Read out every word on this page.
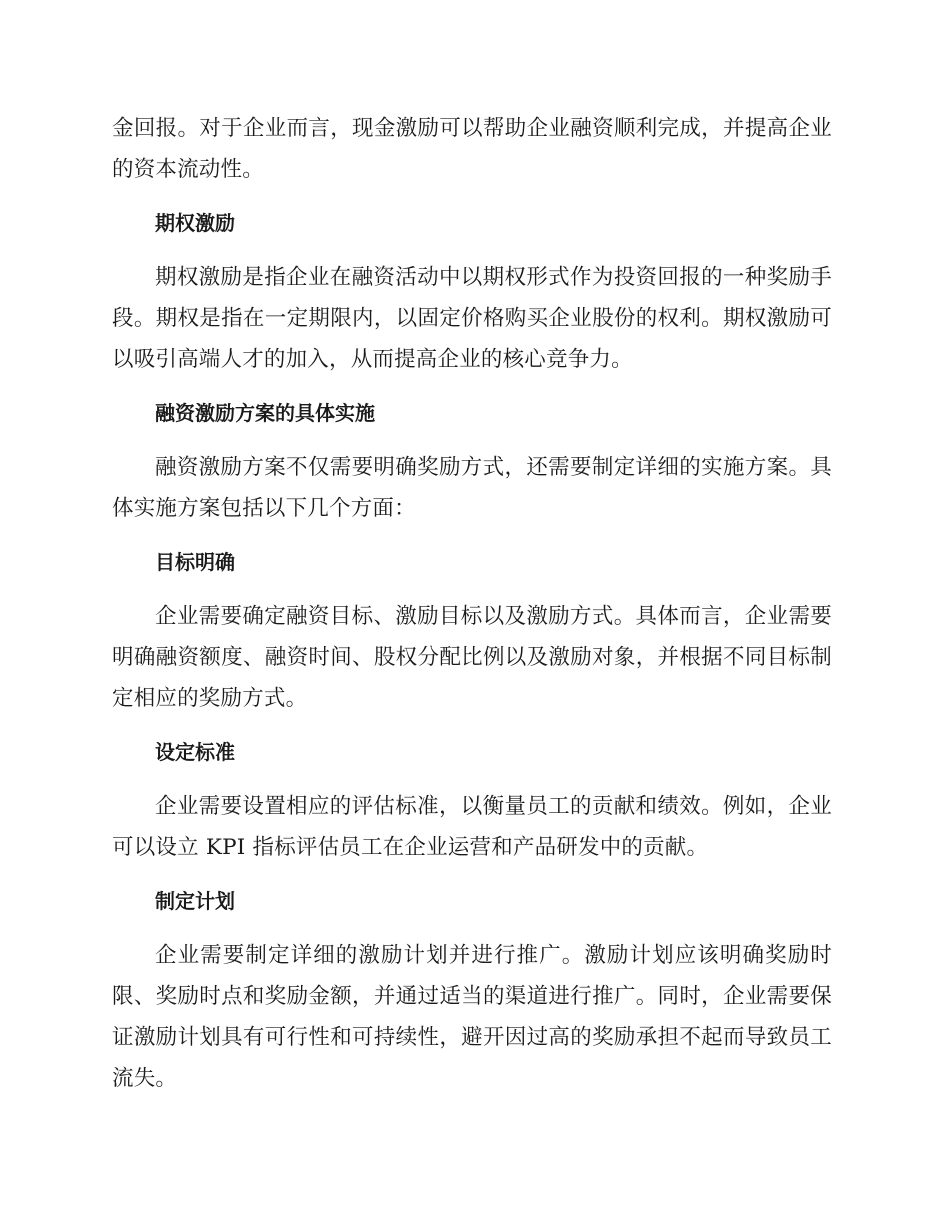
金回报。对于企业而言，现金激励可以帮助企业融资顺利完成，并提高企业的资本流动性。

期权激励

期权激励是指企业在融资活动中以期权形式作为投资回报的一种奖励手段。期权是指在一定期限内，以固定价格购买企业股份的权利。期权激励可以吸引高端人才的加入，从而提高企业的核心竞争力。

融资激励方案的具体实施

融资激励方案不仅需要明确奖励方式，还需要制定详细的实施方案。具体实施方案包括以下几个方面：

目标明确

企业需要确定融资目标、激励目标以及激励方式。具体而言，企业需要明确融资额度、融资时间、股权分配比例以及激励对象，并根据不同目标制定相应的奖励方式。

设定标准

企业需要设置相应的评估标准，以衡量员工的贡献和绩效。例如，企业可以设立 KPI 指标评估员工在企业运营和产品研发中的贡献。

制定计划

企业需要制定详细的激励计划并进行推广。激励计划应该明确奖励时限、奖励时点和奖励金额，并通过适当的渠道进行推广。同时，企业需要保证激励计划具有可行性和可持续性，避开因过高的奖励承担不起而导致员工流失。
